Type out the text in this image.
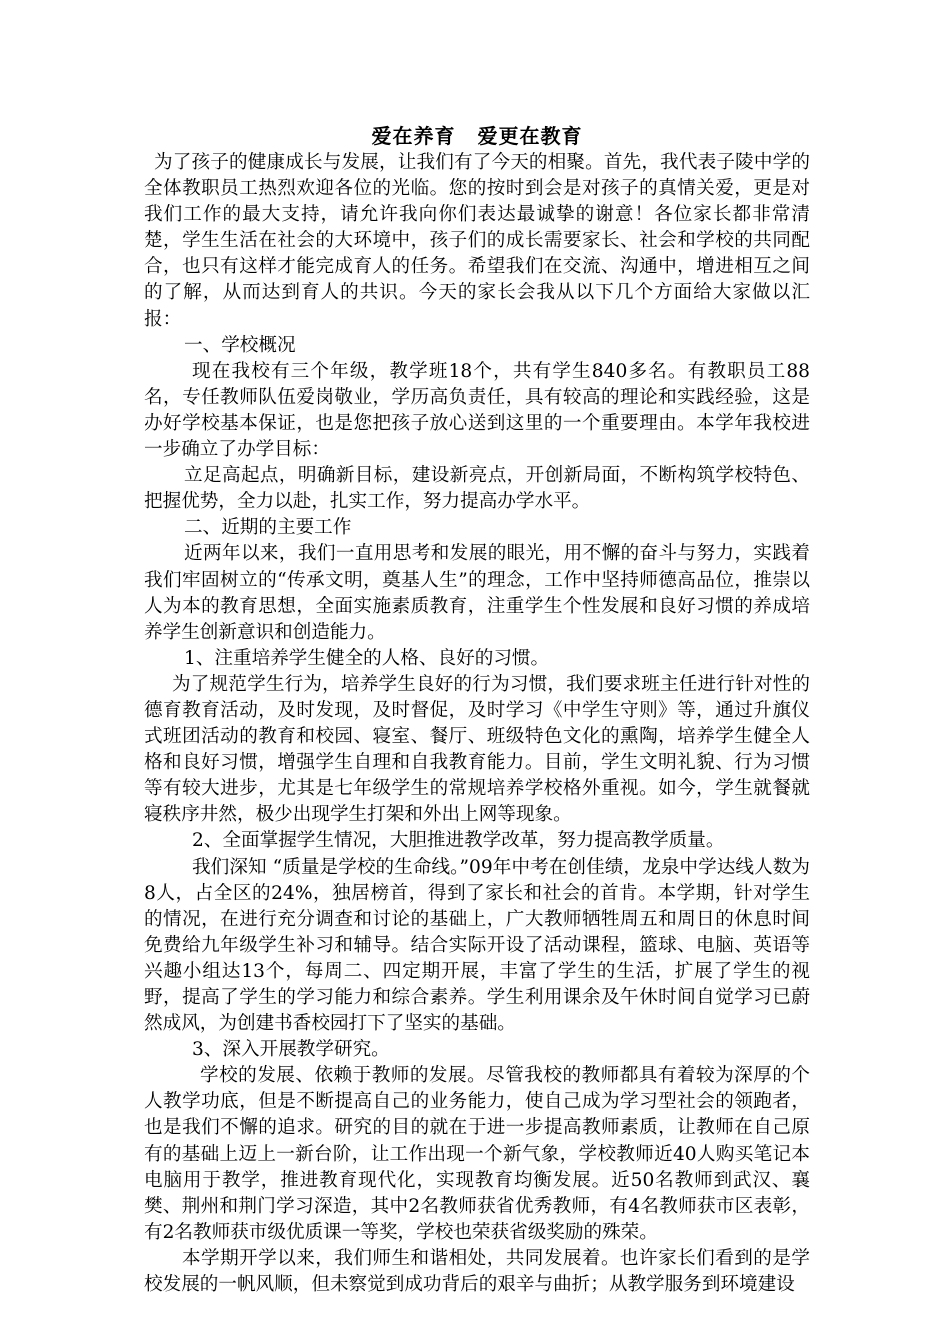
爱在养育 爱更在教育

为了孩子的健康成长与发展，让我们有了今天的相聚。首先，我代表子陵中学的全体教职员工热烈欢迎各位的光临。您的按时到会是对孩子的真情关爱，更是对我们工作的最大支持，请允许我向你们表达最诚挚的谢意！各位家长都非常清楚，学生生活在社会的大环境中，孩子们的成长需要家长、社会和学校的共同配合，也只有这样才能完成育人的任务。希望我们在交流、沟通中，增进相互之间的了解，从而达到育人的共识。今天的家长会我从以下几个方面给大家做以汇报：

一、学校概况

现在我校有三个年级，教学班18个，共有学生840多名。有教职员工88名，专任教师队伍爱岗敬业，学历高负责任，具有较高的理论和实践经验，这是办好学校基本保证，也是您把孩子放心送到这里的一个重要理由。本学年我校进一步确立了办学目标：

立足高起点，明确新目标，建设新亮点，开创新局面，不断构筑学校特色、把握优势，全力以赴，扎实工作，努力提高办学水平。

二、近期的主要工作

近两年以来，我们一直用思考和发展的眼光，用不懈的奋斗与努力，实践着我们牢固树立的“传承文明，奠基人生”的理念，工作中坚持师德高品位，推崇以人为本的教育思想，全面实施素质教育，注重学生个性发展和良好习惯的养成培养学生创新意识和创造能力。

1、注重培养学生健全的人格、良好的习惯。

为了规范学生行为，培养学生良好的行为习惯，我们要求班主任进行针对性的德育教育活动，及时发现，及时督促，及时学习《中学生守则》等，通过升旗仪式班团活动的教育和校园、寝室、餐厅、班级特色文化的熏陶，培养学生健全人格和良好习惯，增强学生自理和自我教育能力。目前，学生文明礼貌、行为习惯等有较大进步，尤其是七年级学生的常规培养学校格外重视。如今，学生就餐就寝秩序井然，极少出现学生打架和外出上网等现象。

2、全面掌握学生情况，大胆推进教学改革，努力提高教学质量。

我们深知 “质量是学校的生命线。”09年中考在创佳绩，龙泉中学达线人数为8人，占全区的24%，独居榜首，得到了家长和社会的首肯。本学期，针对学生的情况，在进行充分调查和讨论的基础上，广大教师牺牲周五和周日的休息时间免费给九年级学生补习和辅导。结合实际开设了活动课程，篮球、电脑、英语等兴趣小组达13个，每周二、四定期开展，丰富了学生的生活，扩展了学生的视野，提高了学生的学习能力和综合素养。学生利用课余及午休时间自觉学习已蔚然成风，为创建书香校园打下了坚实的基础。

3、深入开展教学研究。

学校的发展、依赖于教师的发展。尽管我校的教师都具有着较为深厚的个人教学功底，但是不断提高自己的业务能力，使自己成为学习型社会的领跑者，也是我们不懈的追求。研究的目的就在于进一步提高教师素质，让教师在自己原有的基础上迈上一新台阶，让工作出现一个新气象，学校教师近40人购买笔记本电脑用于教学，推进教育现代化，实现教育均衡发展。近50名教师到武汉、襄樊、荆州和荆门学习深造，其中2名教师获省优秀教师，有4名教师获市区表彰，有2名教师获市级优质课一等奖，学校也荣获省级奖励的殊荣。

本学期开学以来，我们师生和谐相处，共同发展着。也许家长们看到的是学校发展的一帆风顺，但未察觉到成功背后的艰辛与曲折；从教学服务到环境建设
